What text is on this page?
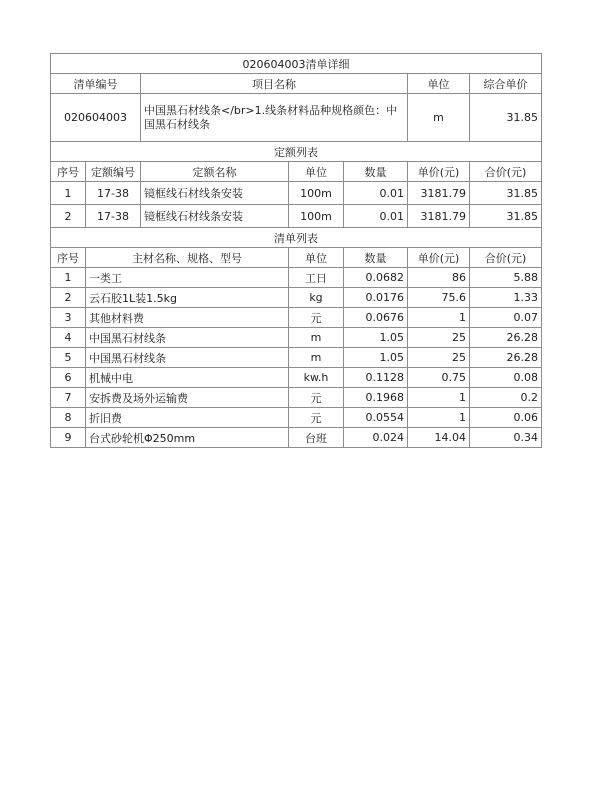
020604003清单详细						
清单编号		项目名称			单位	综合单价
020604003		中国黑石材线条</br>1.线条材料品种规格颜色：中国黑石材线条			m	31.85
定额列表						
序号	定额编号	定额名称	单位	数量	单价(元)	合价(元)
1	17-38	镜框线石材线条安装	100m	0.01	3181.79	31.85
2	17-38	镜框线石材线条安装	100m	0.01	3181.79	31.85
清单列表						
序号	主材名称、规格、型号		单位	数量	单价(元)	合价(元)
1	一类工		工日	0.0682	86	5.88
2	云石胶1L装1.5kg		kg	0.0176	75.6	1.33
3	其他材料费		元	0.0676	1	0.07
4	中国黑石材线条		m	1.05	25	26.28
5	中国黑石材线条		m	1.05	25	26.28
6	机械中电		kw.h	0.1128	0.75	0.08
7	安拆费及场外运输费		元	0.1968	1	0.2
8	折旧费		元	0.0554	1	0.06
9	台式砂轮机Φ250mm		台班	0.024	14.04	0.34
